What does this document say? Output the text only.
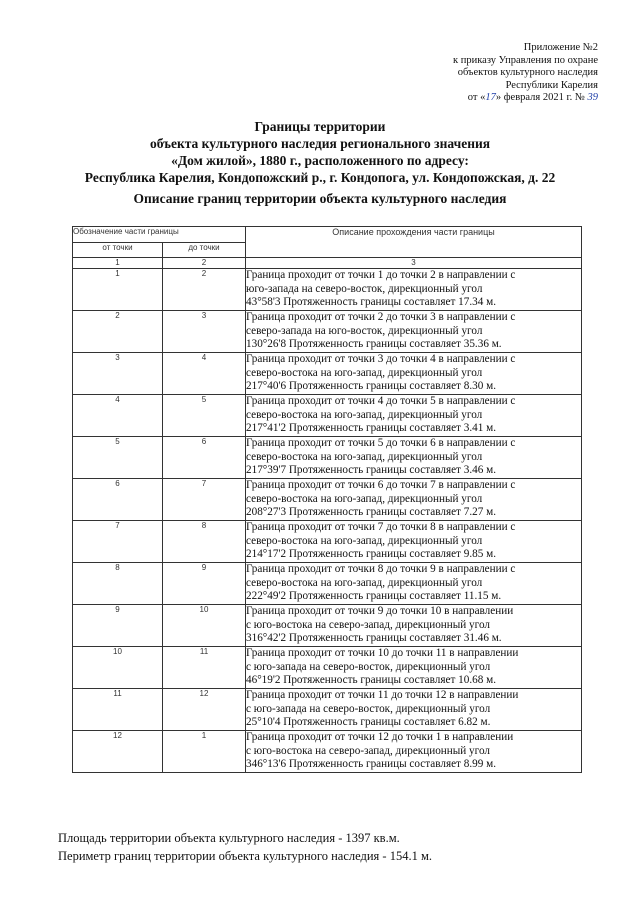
Приложение №2
к приказу Управления по охране
объектов культурного наследия
Республики Карелия
от «17» февраля 2021 г. № 39
Границы территории
объекта культурного наследия регионального значения
«Дом жилой», 1880 г., расположенного по адресу:
Республика Карелия, Кондопожский р., г. Кондопога, ул. Кондопожская, д. 22
Описание границ территории объекта культурного наследия
Обозначение части границы		Описание прохождения части границы
от точки	до точки	
1	2	3
1	2	Граница проходит от точки 1 до точки 2 в направлении с
юго-запада на северо-восток, дирекционный угол
43°58'3 Протяженность границы составляет 17.34 м.

2	3	Граница проходит от точки 2 до точки 3 в направлении с
северо-запада на юго-восток, дирекционный угол
130°26'8 Протяженность границы составляет 35.36 м.

3	4	Граница проходит от точки 3 до точки 4 в направлении с
северо-востока на юго-запад, дирекционный угол
217°40'6 Протяженность границы составляет 8.30 м.

4	5	Граница проходит от точки 4 до точки 5 в направлении с
северо-востока на юго-запад, дирекционный угол
217°41'2 Протяженность границы составляет 3.41 м.

5	6	Граница проходит от точки 5 до точки 6 в направлении с
северо-востока на юго-запад, дирекционный угол
217°39'7 Протяженность границы составляет 3.46 м.

6	7	Граница проходит от точки 6 до точки 7 в направлении с
северо-востока на юго-запад, дирекционный угол
208°27'3 Протяженность границы составляет 7.27 м.

7	8	Граница проходит от точки 7 до точки 8 в направлении с
северо-востока на юго-запад, дирекционный угол
214°17'2 Протяженность границы составляет 9.85 м.

8	9	Граница проходит от точки 8 до точки 9 в направлении с
северо-востока на юго-запад, дирекционный угол
222°49'2 Протяженность границы составляет 11.15 м.

9	10	Граница проходит от точки 9 до точки 10 в направлении
с юго-востока на северо-запад, дирекционный угол
316°42'2 Протяженность границы составляет 31.46 м.

10	11	Граница проходит от точки 10 до точки 11 в направлении
с юго-запада на северо-восток, дирекционный угол
46°19'2 Протяженность границы составляет 10.68 м.

11	12	Граница проходит от точки 11 до точки 12 в направлении
с юго-запада на северо-восток, дирекционный угол
25°10'4 Протяженность границы составляет 6.82 м.

12	1	Граница проходит от точки 12 до точки 1 в направлении
с юго-востока на северо-запад, дирекционный угол
346°13'6 Протяженность границы составляет 8.99 м.
Площадь территории объекта культурного наследия - 1397 кв.м.
Периметр границ территории объекта культурного наследия - 154.1 м.
